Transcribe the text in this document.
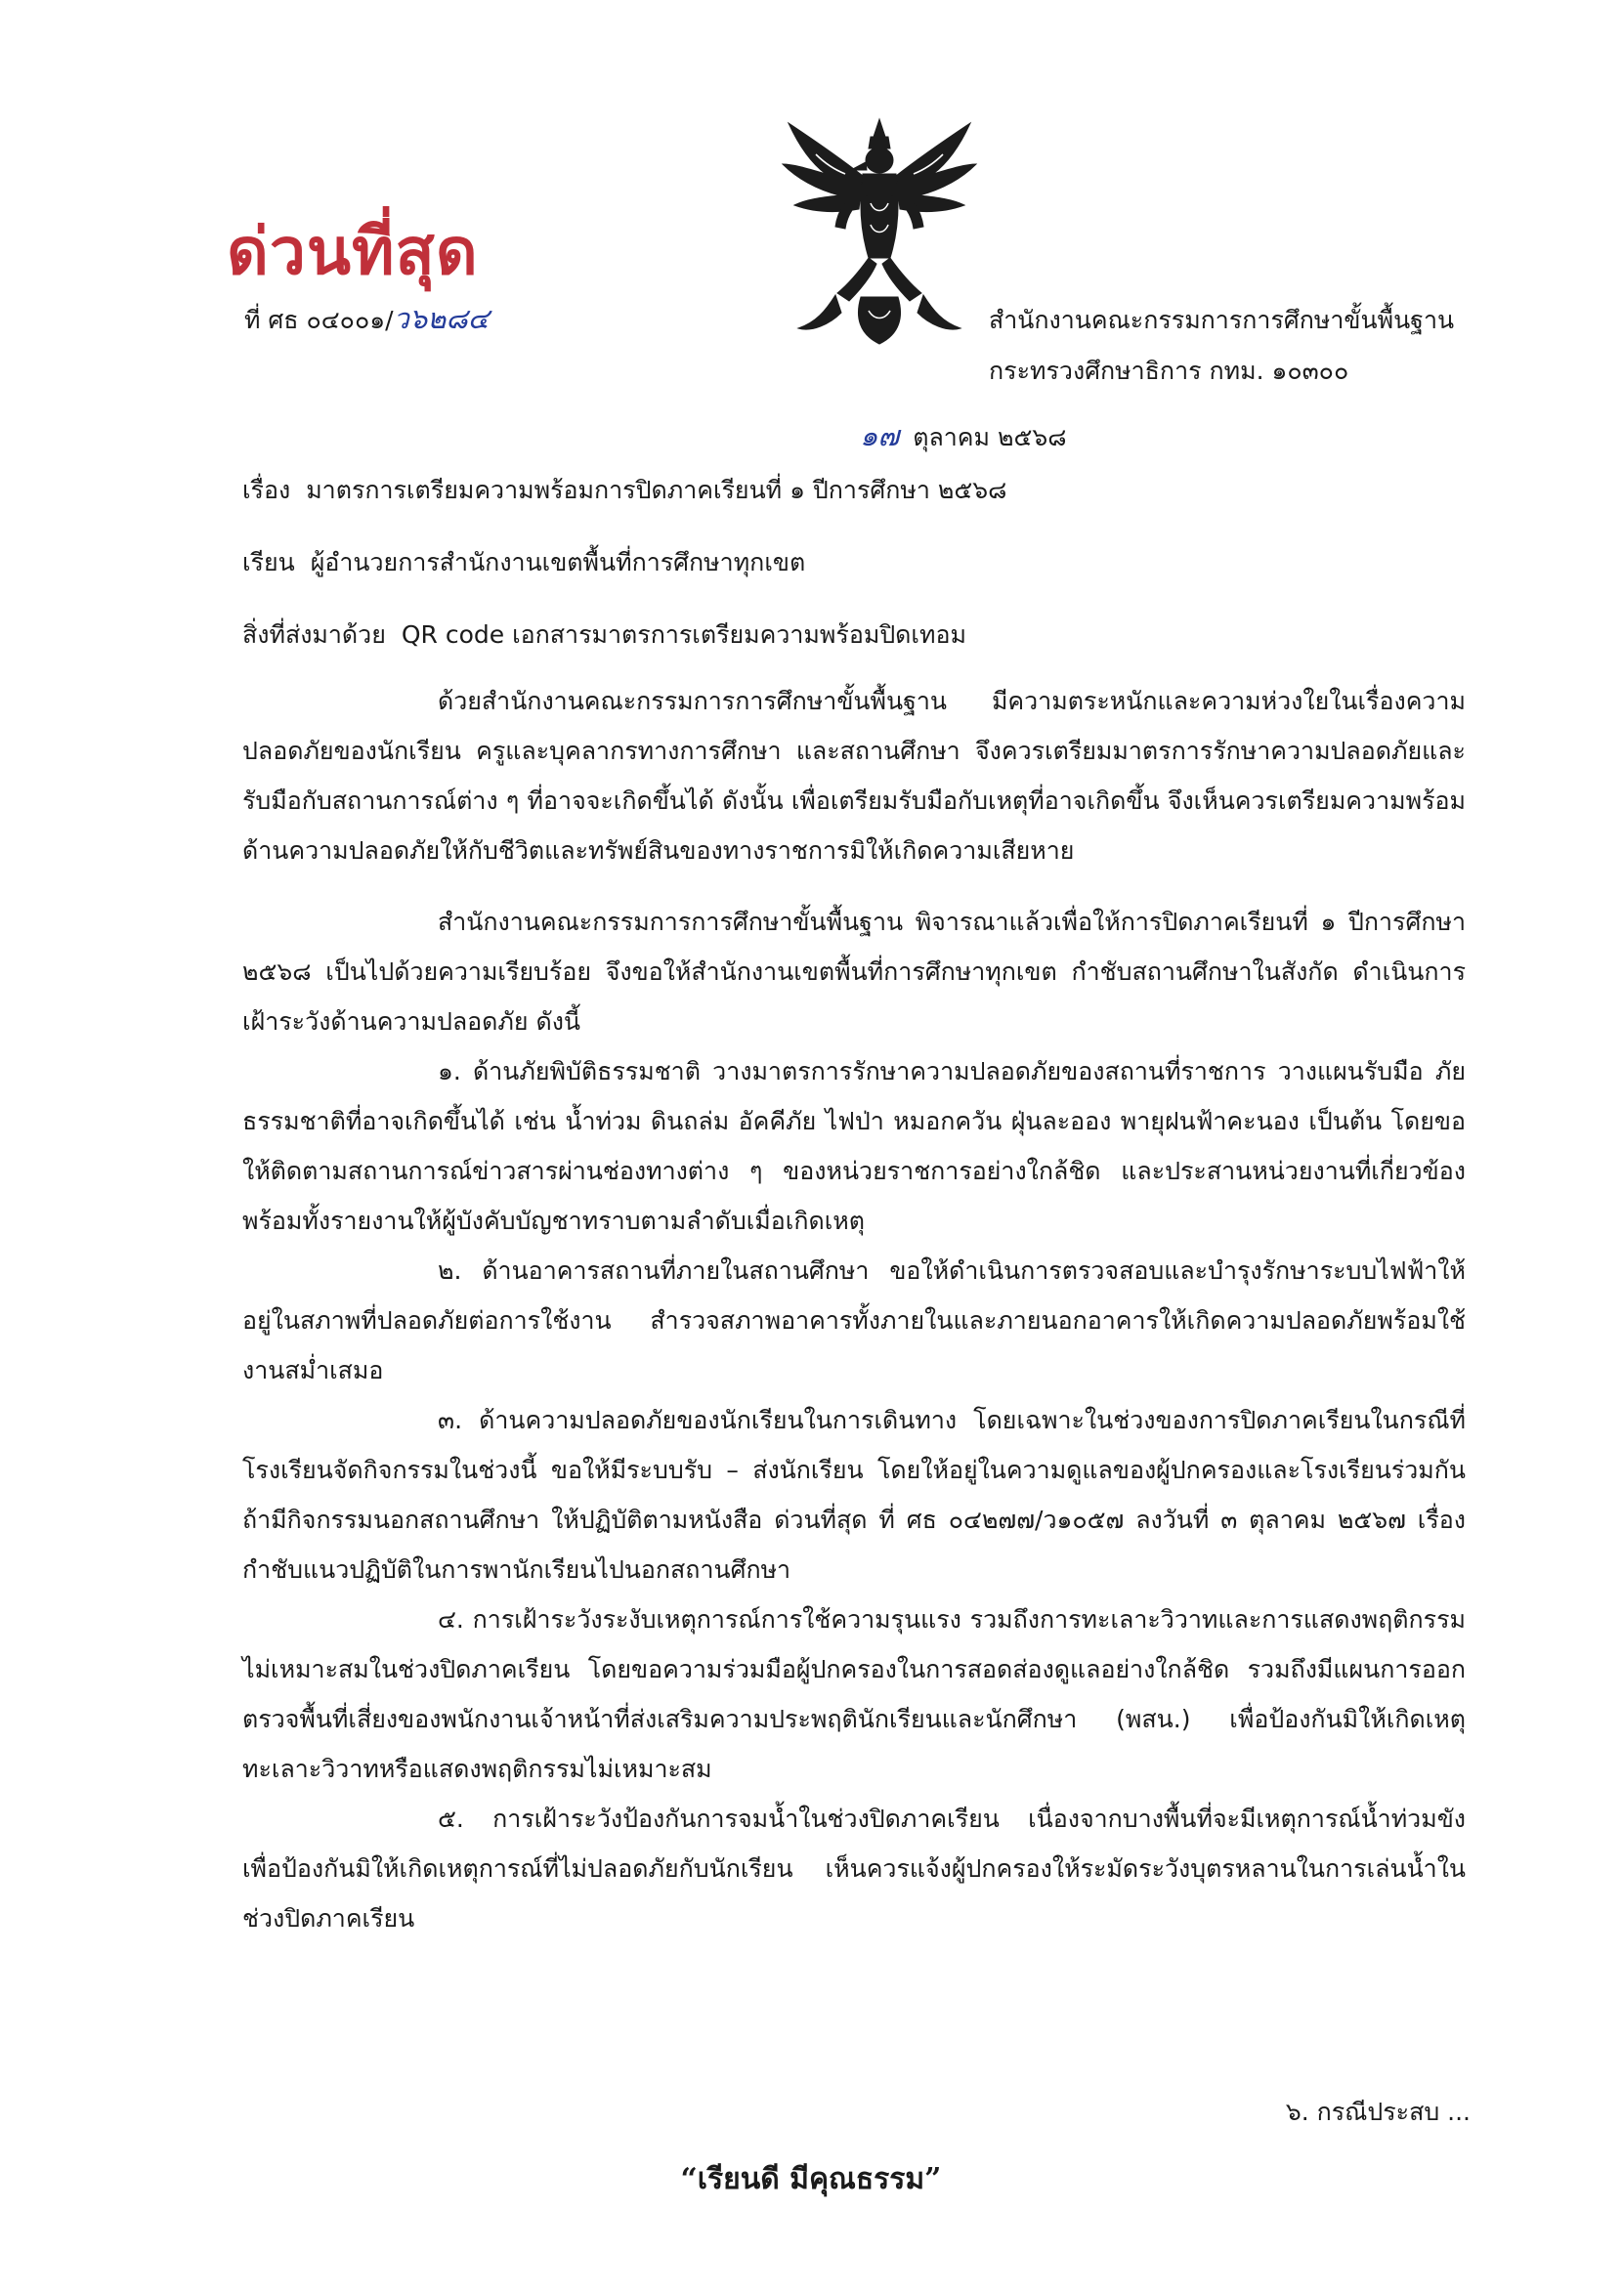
ด่วนที่สุด
ที่ ศธ ๐๔๐๐๑/ว๖๒๘๔	สำนักงานคณะกรรมการการศึกษาขั้นพื้นฐาน
กระทรวงศึกษาธิการ กทม. ๑๐๓๐๐
๑๗ ตุลาคม ๒๕๖๘
เรื่อง มาตรการเตรียมความพร้อมการปิดภาคเรียนที่ ๑ ปีการศึกษา ๒๕๖๘
เรียน ผู้อำนวยการสำนักงานเขตพื้นที่การศึกษาทุกเขต
สิ่งที่ส่งมาด้วย QR code เอกสารมาตรการเตรียมความพร้อมปิดเทอม

ด้วยสำนักงานคณะกรรมการการศึกษาขั้นพื้นฐาน มีความตระหนักและความห่วงใยในเรื่องความปลอดภัยของนักเรียน ครูและบุคลากรทางการศึกษา และสถานศึกษา จึงควรเตรียมมาตรการรักษาความปลอดภัยและรับมือกับสถานการณ์ต่าง ๆ ที่อาจจะเกิดขึ้นได้ ดังนั้น เพื่อเตรียมรับมือกับเหตุที่อาจเกิดขึ้น จึงเห็นควรเตรียมความพร้อมด้านความปลอดภัยให้กับชีวิตและทรัพย์สินของทางราชการมิให้เกิดความเสียหาย

สำนักงานคณะกรรมการการศึกษาขั้นพื้นฐาน พิจารณาแล้วเพื่อให้การปิดภาคเรียนที่ ๑ ปีการศึกษา ๒๕๖๘ เป็นไปด้วยความเรียบร้อย จึงขอให้สำนักงานเขตพื้นที่การศึกษาทุกเขต กำชับสถานศึกษาในสังกัด ดำเนินการเฝ้าระวังด้านความปลอดภัย ดังนี้

๑. ด้านภัยพิบัติธรรมชาติ วางมาตรการรักษาความปลอดภัยของสถานที่ราชการ วางแผนรับมือ ภัยธรรมชาติที่อาจเกิดขึ้นได้ เช่น น้ำท่วม ดินถล่ม อัคคีภัย ไฟป่า หมอกควัน ฝุ่นละออง พายุฝนฟ้าคะนอง เป็นต้น โดยขอให้ติดตามสถานการณ์ข่าวสารผ่านช่องทางต่าง ๆ ของหน่วยราชการอย่างใกล้ชิด และประสานหน่วยงานที่เกี่ยวข้องพร้อมทั้งรายงานให้ผู้บังคับบัญชาทราบตามลำดับเมื่อเกิดเหตุ

๒. ด้านอาคารสถานที่ภายในสถานศึกษา ขอให้ดำเนินการตรวจสอบและบำรุงรักษาระบบไฟฟ้าให้อยู่ในสภาพที่ปลอดภัยต่อการใช้งาน สำรวจสภาพอาคารทั้งภายในและภายนอกอาคารให้เกิดความปลอดภัยพร้อมใช้งานสม่ำเสมอ

๓. ด้านความปลอดภัยของนักเรียนในการเดินทาง โดยเฉพาะในช่วงของการปิดภาคเรียนในกรณีที่โรงเรียนจัดกิจกรรมในช่วงนี้ ขอให้มีระบบรับ – ส่งนักเรียน โดยให้อยู่ในความดูแลของผู้ปกครองและโรงเรียนร่วมกัน ถ้ามีกิจกรรมนอกสถานศึกษา ให้ปฏิบัติตามหนังสือ ด่วนที่สุด ที่ ศธ ๐๔๒๗๗/ว๑๐๕๗ ลงวันที่ ๓ ตุลาคม ๒๕๖๗ เรื่อง กำชับแนวปฏิบัติในการพานักเรียนไปนอกสถานศึกษา

๔. การเฝ้าระวังระงับเหตุการณ์การใช้ความรุนแรง รวมถึงการทะเลาะวิวาทและการแสดงพฤติกรรมไม่เหมาะสมในช่วงปิดภาคเรียน โดยขอความร่วมมือผู้ปกครองในการสอดส่องดูแลอย่างใกล้ชิด รวมถึงมีแผนการออกตรวจพื้นที่เสี่ยงของพนักงานเจ้าหน้าที่ส่งเสริมความประพฤตินักเรียนและนักศึกษา (พสน.) เพื่อป้องกันมิให้เกิดเหตุทะเลาะวิวาทหรือแสดงพฤติกรรมไม่เหมาะสม

๕. การเฝ้าระวังป้องกันการจมน้ำในช่วงปิดภาคเรียน เนื่องจากบางพื้นที่จะมีเหตุการณ์น้ำท่วมขัง เพื่อป้องกันมิให้เกิดเหตุการณ์ที่ไม่ปลอดภัยกับนักเรียน เห็นควรแจ้งผู้ปกครองให้ระมัดระวังบุตรหลานในการเล่นน้ำในช่วงปิดภาคเรียน

๖. กรณีประสบ ...
“เรียนดี มีคุณธรรม”
